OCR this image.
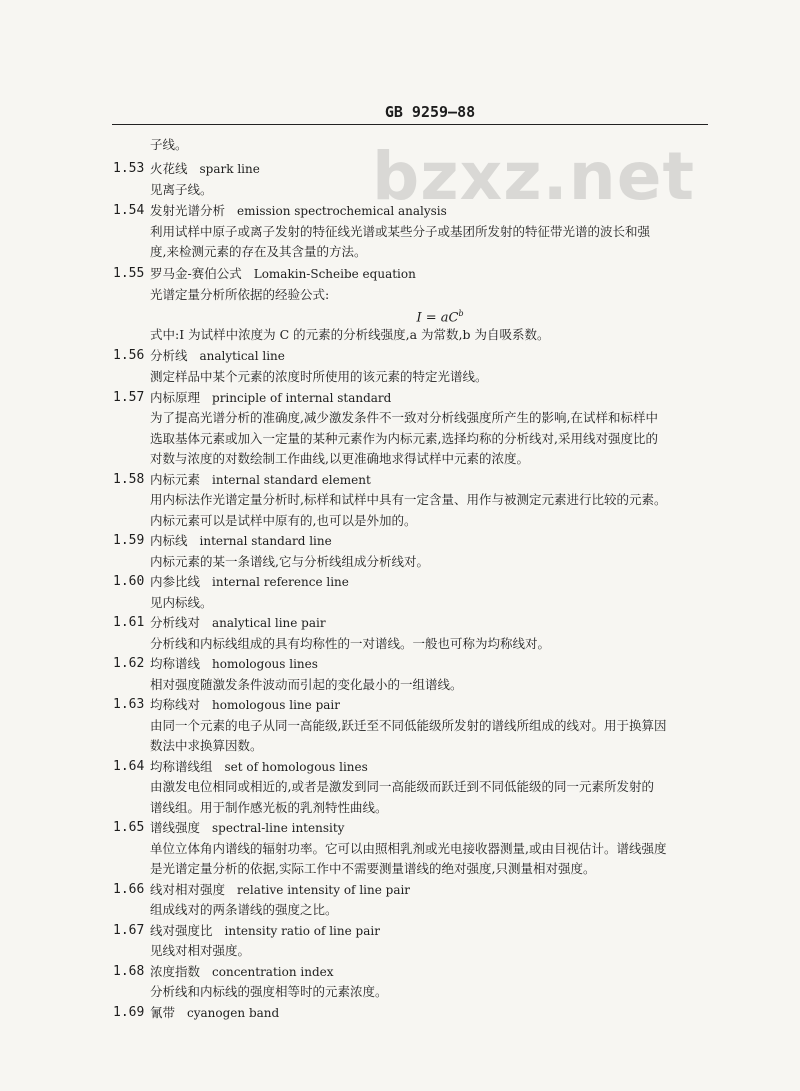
GB 9259—88
bzxz.net
子线。
1.53 火花线 spark line
见离子线。
1.54 发射光谱分析 emission spectrochemical analysis
利用试样中原子或离子发射的特征线光谱或某些分子或基团所发射的特征带光谱的波长和强
度,来检测元素的存在及其含量的方法。
1.55 罗马金-赛伯公式 Lomakin-Scheibe equation
光谱定量分析所依据的经验公式:
$I = aC^b$
式中:I 为试样中浓度为 C 的元素的分析线强度,a 为常数,b 为自吸系数。
1.56 分析线 analytical line
测定样品中某个元素的浓度时所使用的该元素的特定光谱线。
1.57 内标原理 principle of internal standard
为了提高光谱分析的准确度,减少激发条件不一致对分析线强度所产生的影响,在试样和标样中
选取基体元素或加入一定量的某种元素作为内标元素,选择均称的分析线对,采用线对强度比的
对数与浓度的对数绘制工作曲线,以更准确地求得试样中元素的浓度。
1.58 内标元素 internal standard element
用内标法作光谱定量分析时,标样和试样中具有一定含量、用作与被测定元素进行比较的元素。
内标元素可以是试样中原有的,也可以是外加的。
1.59 内标线 internal standard line
内标元素的某一条谱线,它与分析线组成分析线对。
1.60 内参比线 internal reference line
见内标线。
1.61 分析线对 analytical line pair
分析线和内标线组成的具有均称性的一对谱线。一般也可称为均称线对。
1.62 均称谱线 homologous lines
相对强度随激发条件波动而引起的变化最小的一组谱线。
1.63 均称线对 homologous line pair
由同一个元素的电子从同一高能级,跃迁至不同低能级所发射的谱线所组成的线对。用于换算因
数法中求换算因数。
1.64 均称谱线组 set of homologous lines
由激发电位相同或相近的,或者是激发到同一高能级而跃迁到不同低能级的同一元素所发射的
谱线组。用于制作感光板的乳剂特性曲线。
1.65 谱线强度 spectral-line intensity
单位立体角内谱线的辐射功率。它可以由照相乳剂或光电接收器测量,或由目视估计。谱线强度
是光谱定量分析的依据,实际工作中不需要测量谱线的绝对强度,只测量相对强度。
1.66 线对相对强度 relative intensity of line pair
组成线对的两条谱线的强度之比。
1.67 线对强度比 intensity ratio of line pair
见线对相对强度。
1.68 浓度指数 concentration index
分析线和内标线的强度相等时的元素浓度。
1.69 氰带 cyanogen band
